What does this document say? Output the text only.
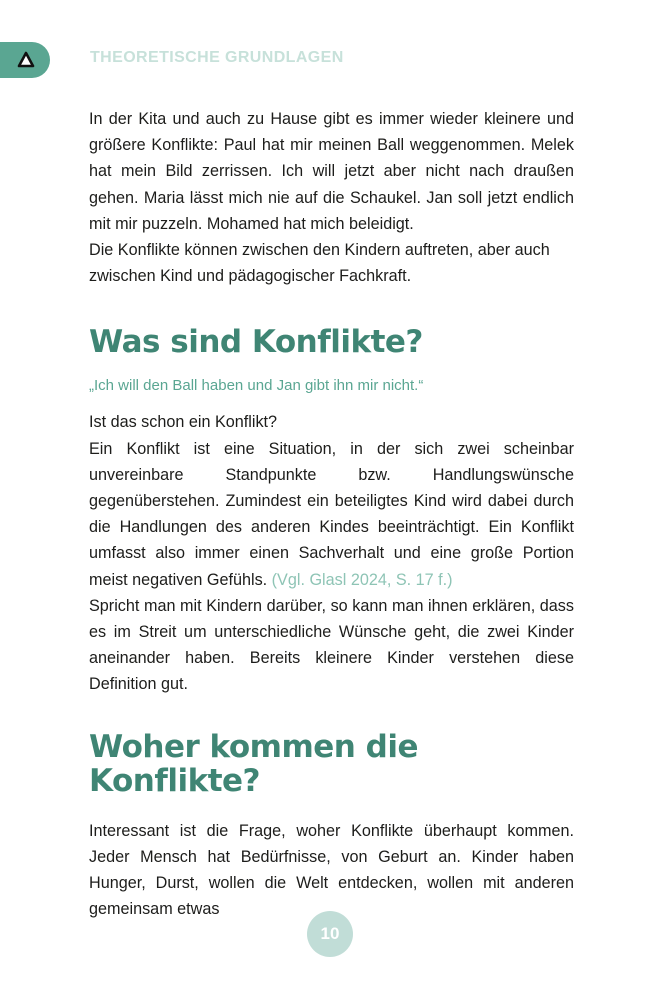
THEORETISCHE GRUNDLAGEN

In der Kita und auch zu Hause gibt es immer wieder kleinere und größere Konflikte: Paul hat mir meinen Ball weggenommen. Melek hat mein Bild zerrissen. Ich will jetzt aber nicht nach draußen gehen. Maria lässt mich nie auf die Schaukel. Jan soll jetzt endlich mit mir puzzeln. Mohamed hat mich beleidigt.

Die Konflikte können zwischen den Kindern auftreten, aber auch zwischen Kind und pädagogischer Fachkraft.

Was sind Konflikte?

„Ich will den Ball haben und Jan gibt ihn mir nicht.“

Ist das schon ein Konflikt?

Ein Konflikt ist eine Situation, in der sich zwei scheinbar unvereinbare Standpunkte bzw. Handlungswünsche gegenüberstehen. Zumindest ein beteiligtes Kind wird dabei durch die Handlungen des anderen Kindes beeinträchtigt. Ein Konflikt umfasst also immer einen Sachverhalt und eine große Portion meist negativen Gefühls. (Vgl. Glasl 2024, S. 17 f.)

Spricht man mit Kindern darüber, so kann man ihnen erklären, dass es im Streit um unterschiedliche Wünsche geht, die zwei Kinder aneinander haben. Bereits kleinere Kinder verstehen diese Definition gut.

Woher kommen die
Konflikte?

Interessant ist die Frage, woher Konflikte überhaupt kommen. Jeder Mensch hat Bedürfnisse, von Geburt an. Kinder haben Hunger, Durst, wollen die Welt entdecken, wollen mit anderen gemeinsam etwas

10
